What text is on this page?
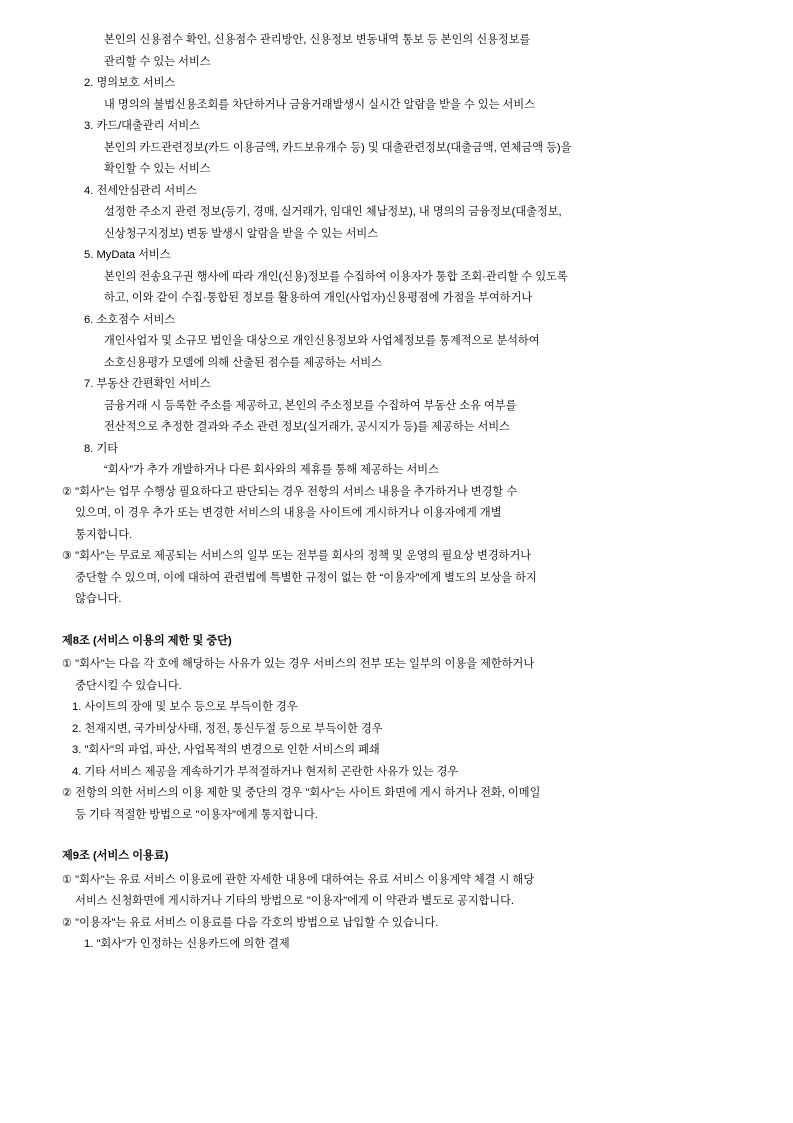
본인의 신용점수 확인, 신용점수 관리방안, 신용정보 변동내역 통보 등 본인의 신용정보를
관리할 수 있는 서비스
2. 명의보호 서비스
내 명의의 불법신용조회를 차단하거나 금융거래발생시 실시간 알람을 받을 수 있는 서비스
3. 카드/대출관리 서비스
본인의 카드관련정보(카드 이용금액, 카드보유개수 등) 및 대출관련정보(대출금액, 연체금액 등)을
확인할 수 있는 서비스
4. 전세안심관리 서비스
설정한 주소지 관련 정보(등기, 경매, 실거래가, 임대인 체납정보), 내 명의의 금융정보(대출정보,
신상청구지정보) 변동 발생시 알람을 받을 수 있는 서비스
5. MyData 서비스
본인의 전송요구권 행사에 따라 개인(신용)정보를 수집하여 이용자가 통합 조회·관리할 수 있도록
하고, 이와 같이 수집·통합된 정보를 활용하여 개인(사업자)신용평점에 가점을 부여하거나
6. 소호점수 서비스
개인사업자 및 소규모 법인을 대상으로 개인신용정보와 사업체정보를 통계적으로 분석하여
소호신용평가 모델에 의해 산출된 점수를 제공하는 서비스
7. 부동산 간편확인 서비스
금융거래 시 등록한 주소를 제공하고, 본인의 주소정보를 수집하여 부동산 소유 여부를
전산적으로 추정한 결과와 주소 관련 정보(실거래가, 공시지가 등)를 제공하는 서비스
8. 기타
“회사”가 추가 개발하거나 다른 회사와의 제휴를 통해 제공하는 서비스
② "회사"는 업무 수행상 필요하다고 판단되는 경우 전항의 서비스 내용을 추가하거나 변경할 수
있으며, 이 경우 추가 또는 변경한 서비스의 내용을 사이트에 게시하거나 이용자에게 개별
통지합니다.
③ "회사"는 무료로 제공되는 서비스의 일부 또는 전부를 회사의 정책 및 운영의 필요상 변경하거나
중단할 수 있으며, 이에 대하여 관련법에 특별한 규정이 없는 한 “이용자”에게 별도의 보상을 하지
않습니다.
제8조 (서비스 이용의 제한 및 중단)
① "회사"는 다음 각 호에 해당하는 사유가 있는 경우 서비스의 전부 또는 일부의 이용을 제한하거나
중단시킬 수 있습니다.
1. 사이트의 장애 및 보수 등으로 부득이한 경우
2. 천재지변, 국가비상사태, 정전, 통신두절 등으로 부득이한 경우
3. "회사"의 파업, 파산, 사업목적의 변경으로 인한 서비스의 폐쇄
4. 기타 서비스 제공을 계속하기가 부적절하거나 현저히 곤란한 사유가 있는 경우
② 전항의 의한 서비스의 이용 제한 및 중단의 경우 "회사"는 사이트 화면에 게시 하거나 전화, 이메일
등 기타 적절한 방법으로 "이용자"에게 통지합니다.
제9조 (서비스 이용료)
① "회사"는 유료 서비스 이용료에 관한 자세한 내용에 대하여는 유료 서비스 이용계약 체결 시 해당
서비스 신청화면에 게시하거나 기타의 방법으로 "이용자"에게 이 약관과 별도로 공지합니다.
② "이용자"는 유료 서비스 이용료를 다음 각호의 방법으로 납입할 수 있습니다.
1. "회사"가 인정하는 신용카드에 의한 결제
